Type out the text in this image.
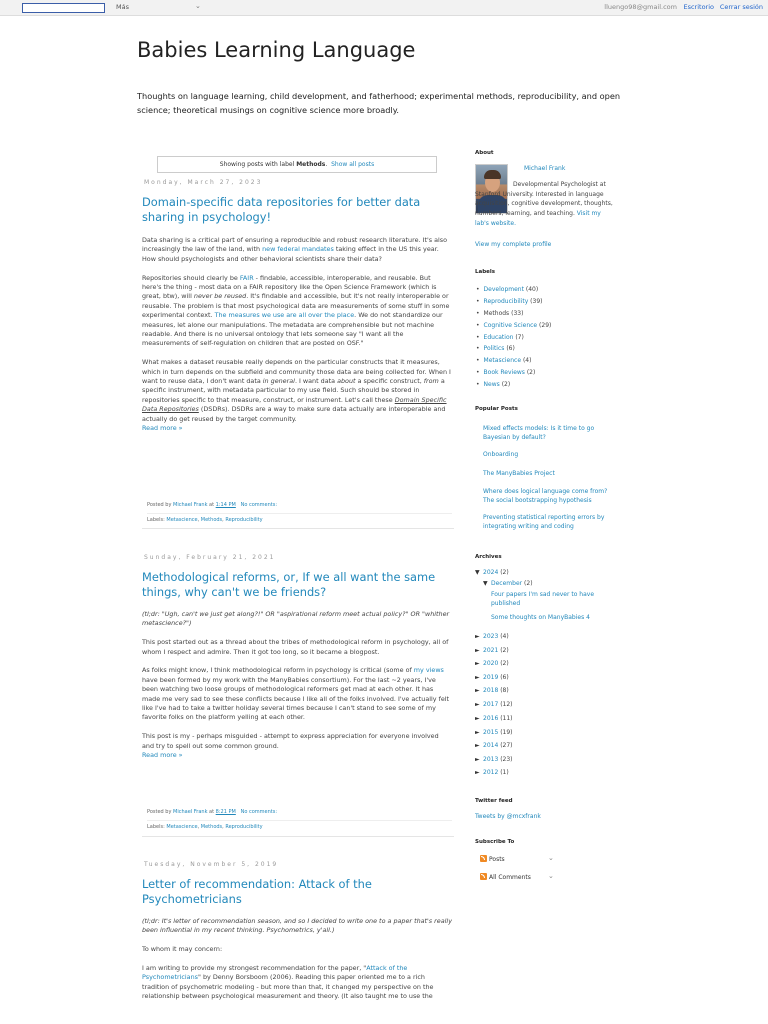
Más	⌄	lluengo98@gmail.com Escritorio Cerrar sesión
Babies Learning Language
Thoughts on language learning, child development, and fatherhood; experimental methods, reproducibility, and open science; theoretical musings on cognitive science more broadly.
Showing posts with label Methods. Show all posts
Monday, March 27, 2023
Domain-specific data repositories for better data sharing in psychology!

Data sharing is a critical part of ensuring a reproducible and robust research literature. It's also increasingly the law of the land, with new federal mandates taking effect in the US this year. How should psychologists and other behavioral scientists share their data?

Repositories should clearly be FAIR - findable, accessible, interoperable, and reusable. But here's the thing - most data on a FAIR repository like the Open Science Framework (which is great, btw), will never be reused. It's findable and accessible, but it's not really interoperable or reusable. The problem is that most psychological data are measurements of some stuff in some experimental context. The measures we use are all over the place. We do not standardize our measures, let alone our manipulations. The metadata are comprehensible but not machine readable. And there is no universal ontology that lets someone say "I want all the measurements of self-regulation on children that are posted on OSF."

What makes a dataset reusable really depends on the particular constructs that it measures, which in turn depends on the subfield and community those data are being collected for. When I want to reuse data, I don't want data in general. I want data about a specific construct, from a specific instrument, with metadata particular to my use field. Such should be stored in repositories specific to that measure, construct, or instrument. Let's call these Domain Specific Data Repositories (DSDRs). DSDRs are a way to make sure data actually are interoperable and actually do get reused by the target community.

Read more »

Posted by Michael Frank at 1:14 PM No comments:
Labels: Metascience, Methods, Reproducibility
Sunday, February 21, 2021
Methodological reforms, or, If we all want the same things, why can't we be friends?

(tl;dr: "Ugh, can't we just get along?!" OR "aspirational reform meet actual policy?" OR "whither metascience?")

This post started out as a thread about the tribes of methodological reform in psychology, all of whom I respect and admire. Then it got too long, so it became a blogpost.

As folks might know, I think methodological reform in psychology is critical (some of my views have been formed by my work with the ManyBabies consortium). For the last ~2 years, I've been watching two loose groups of methodological reformers get mad at each other. It has made me very sad to see these conflicts because I like all of the folks involved. I've actually felt like I've had to take a twitter holiday several times because I can't stand to see some of my favorite folks on the platform yelling at each other.

This post is my - perhaps misguided - attempt to express appreciation for everyone involved and try to spell out some common ground.

Read more »

Posted by Michael Frank at 8:21 PM No comments:
Labels: Metascience, Methods, Reproducibility
Tuesday, November 5, 2019
Letter of recommendation: Attack of the Psychometricians

(tl;dr: It's letter of recommendation season, and so I decided to write one to a paper that's really been influential in my recent thinking. Psychometrics, y'all.)

To whom it may concern:

I am writing to provide my strongest recommendation for the paper, "Attack of the Psychometricians" by Denny Borsboom (2006). Reading this paper oriented me to a rich tradition of psychometric modeling - but more than that, it changed my perspective on the relationship between psychological measurement and theory. (It also taught me to use the

About
Michael Frank
Developmental Psychologist at Stanford University. Interested in language acquisition, cognitive development, thoughts, numbers, learning, and teaching. Visit my lab's website.
View my complete profile
Labels
• Development (40)
• Reproducibility (39)
• Methods (33)
• Cognitive Science (29)
• Education (7)
• Politics (6)
• Metascience (4)
• Book Reviews (2)
• News (2)
Popular Posts
Mixed effects models: Is it time to go Bayesian by default?
Onboarding
The ManyBabies Project
Where does logical language come from? The social bootstrapping hypothesis
Preventing statistical reporting errors by integrating writing and coding
Archives
▼ 2024 (2)
▼ December (2)
Four papers I'm sad never to have published
Some thoughts on ManyBabies 4
► 2023 (4)
► 2021 (2)
► 2020 (2)
► 2019 (6)
► 2018 (8)
► 2017 (12)
► 2016 (11)
► 2015 (19)
► 2014 (27)
► 2013 (23)
► 2012 (1)
Twitter feed
Tweets by @mcxfrank
Subscribe To
Posts	⌄
All Comments ⌄
